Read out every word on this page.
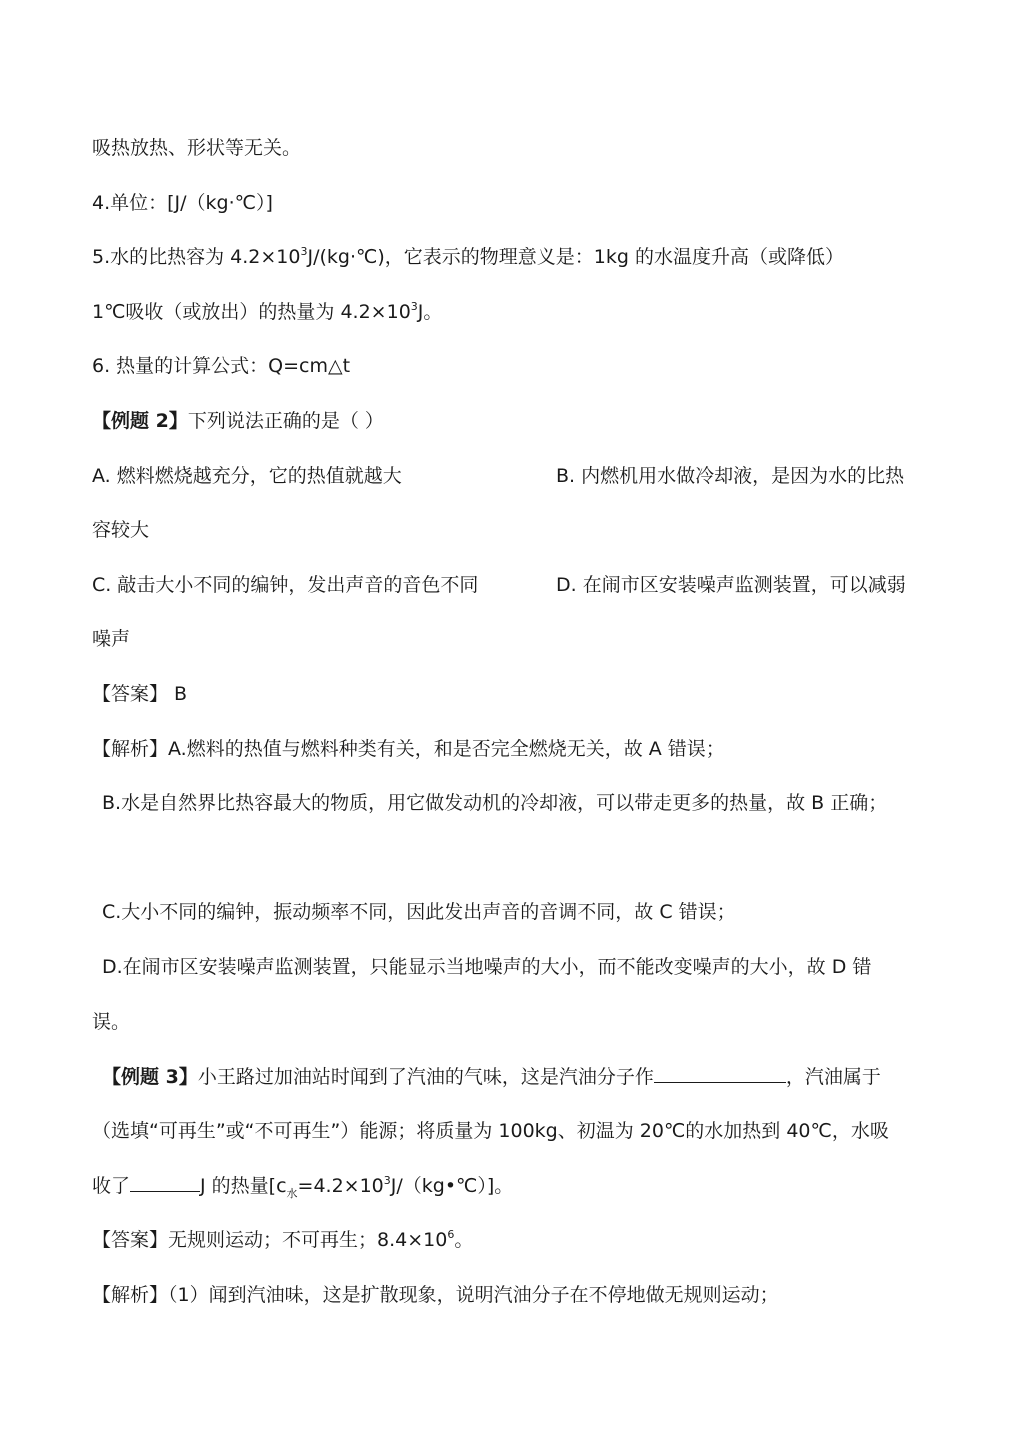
吸热放热、形状等无关。
4.单位：[J/（kg·℃）]
5.水的比热容为 $4.2\times 10^3J/(kg\cdot℃)$，它表示的物理意义是：1kg 的水温度升高（或降低）
1℃吸收（或放出）的热量为 $4.2\times 10^3J$。
6. 热量的计算公式：Q=cm△t
【例题 2】下列说法正确的是（ ）
A. 燃料燃烧越充分，它的热值就越大	B. 内燃机用水做冷却液，是因为水的比热
容较大
C. 敲击大小不同的编钟，发出声音的音色不同	D. 在闹市区安装噪声监测装置，可以减弱
噪声
【答案】 B
【解析】A.燃料的热值与燃料种类有关，和是否完全燃烧无关，故 A 错误；
B.水是自然界比热容最大的物质，用它做发动机的冷却液，可以带走更多的热量，故 B 正确；
C.大小不同的编钟，振动频率不同，因此发出声音的音调不同，故 C 错误；
D.在闹市区安装噪声监测装置，只能显示当地噪声的大小，而不能改变噪声的大小，故 D 错
误。
【例题 3】小王路过加油站时闻到了汽油的气味，这是汽油分子作	，汽油属于
（选填“可再生”或“不可再生”）能源；将质量为 100kg、初温为 20℃的水加热到 40℃，水吸
收了	J 的热量$[c_水=4.2\times 10^3J/(kg•℃)]$。
【答案】无规则运动；不可再生；$8.4\times 10^6$。
【解析】（1）闻到汽油味，这是扩散现象，说明汽油分子在不停地做无规则运动；
